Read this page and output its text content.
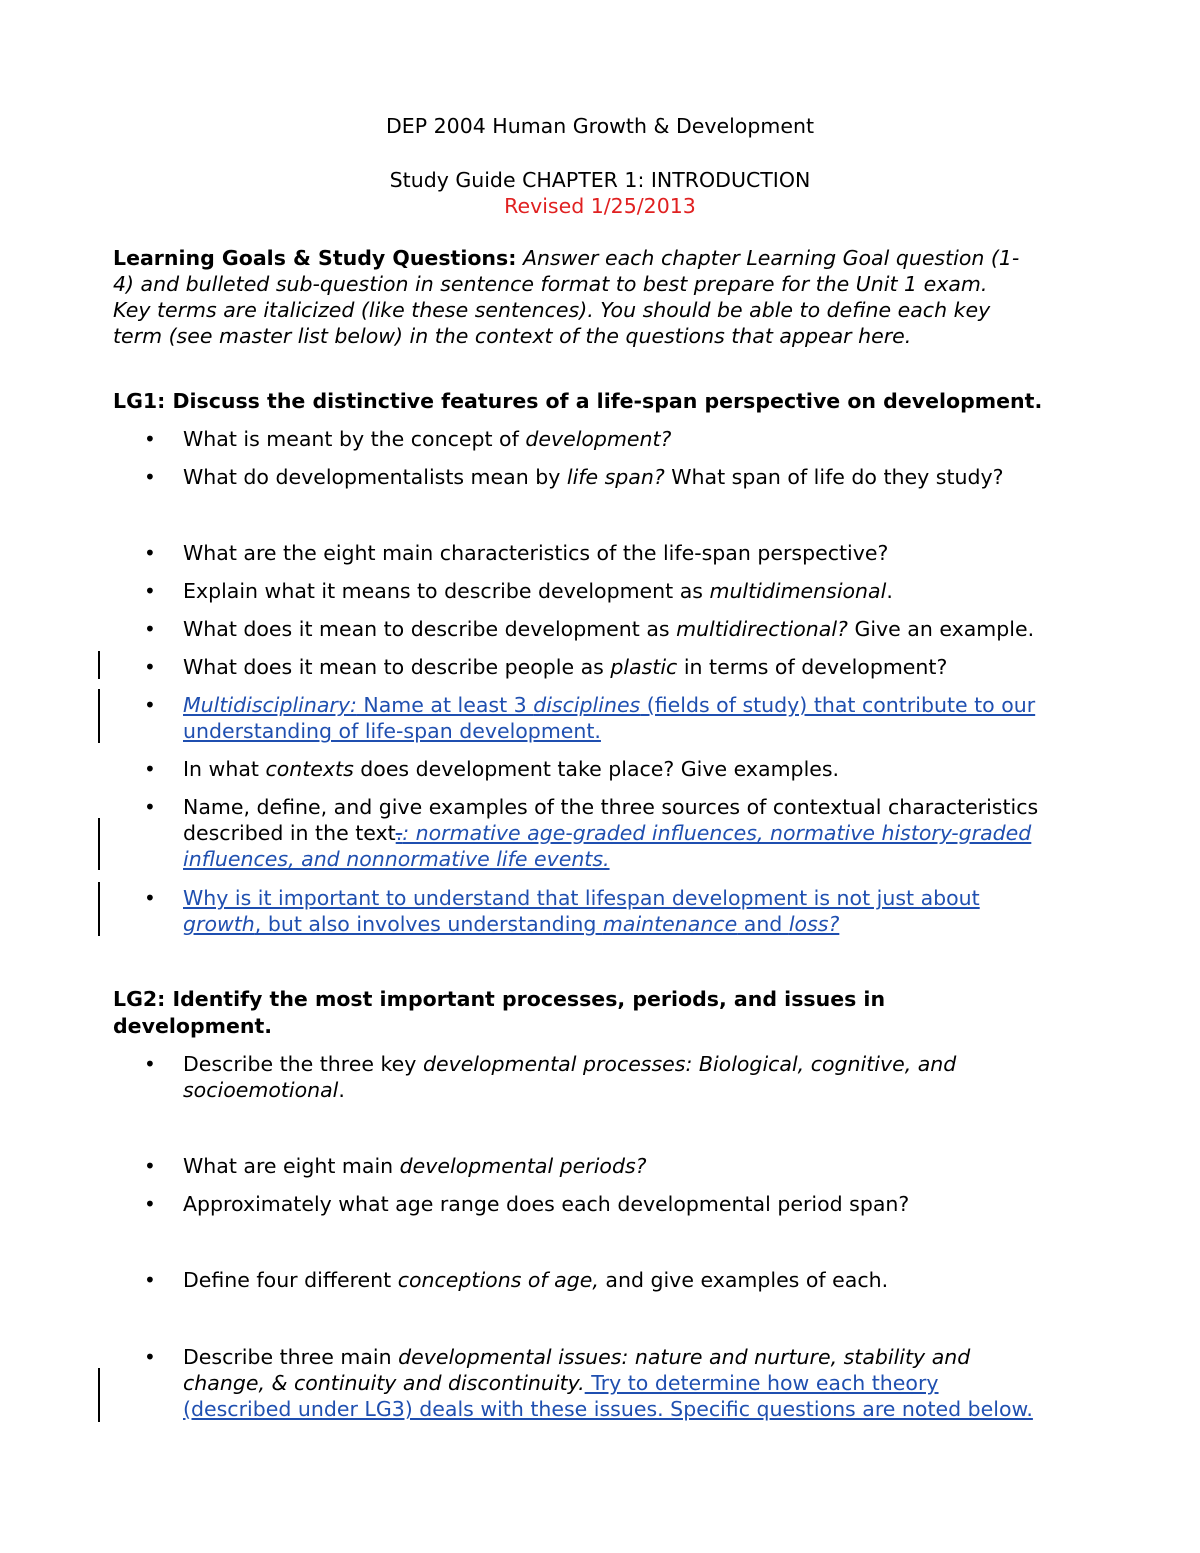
DEP 2004 Human Growth & Development
Study Guide CHAPTER 1: INTRODUCTION
Revised 1/25/2013
Learning Goals & Study Questions: Answer each chapter Learning Goal question (1-
4) and bulleted sub-question in sentence format to best prepare for the Unit 1 exam.
Key terms are italicized (like these sentences). You should be able to define each key
term (see master list below) in the context of the questions that appear here.
LG1: Discuss the distinctive features of a life-span perspective on development.
• What is meant by the concept of development?
• What do developmentalists mean by life span? What span of life do they study?
• What are the eight main characteristics of the life-span perspective?
• Explain what it means to describe development as multidimensional.
• What does it mean to describe development as multidirectional? Give an example.
• What does it mean to describe people as plastic in terms of development?
• Multidisciplinary: Name at least 3 disciplines (fields of study) that contribute to our
understanding of life-span development.
• In what contexts does development take place? Give examples.
• Name, define, and give examples of the three sources of contextual characteristics
described in the text.: normative age-graded influences, normative history-graded
influences, and nonnormative life events.
• Why is it important to understand that lifespan development is not just about
growth, but also involves understanding maintenance and loss?
LG2: Identify the most important processes, periods, and issues in
development.
• Describe the three key developmental processes: Biological, cognitive, and
socioemotional.
• What are eight main developmental periods?
• Approximately what age range does each developmental period span?
• Define four different conceptions of age, and give examples of each.
• Describe three main developmental issues: nature and nurture, stability and
change, & continuity and discontinuity. Try to determine how each theory
(described under LG3) deals with these issues. Specific questions are noted below.
